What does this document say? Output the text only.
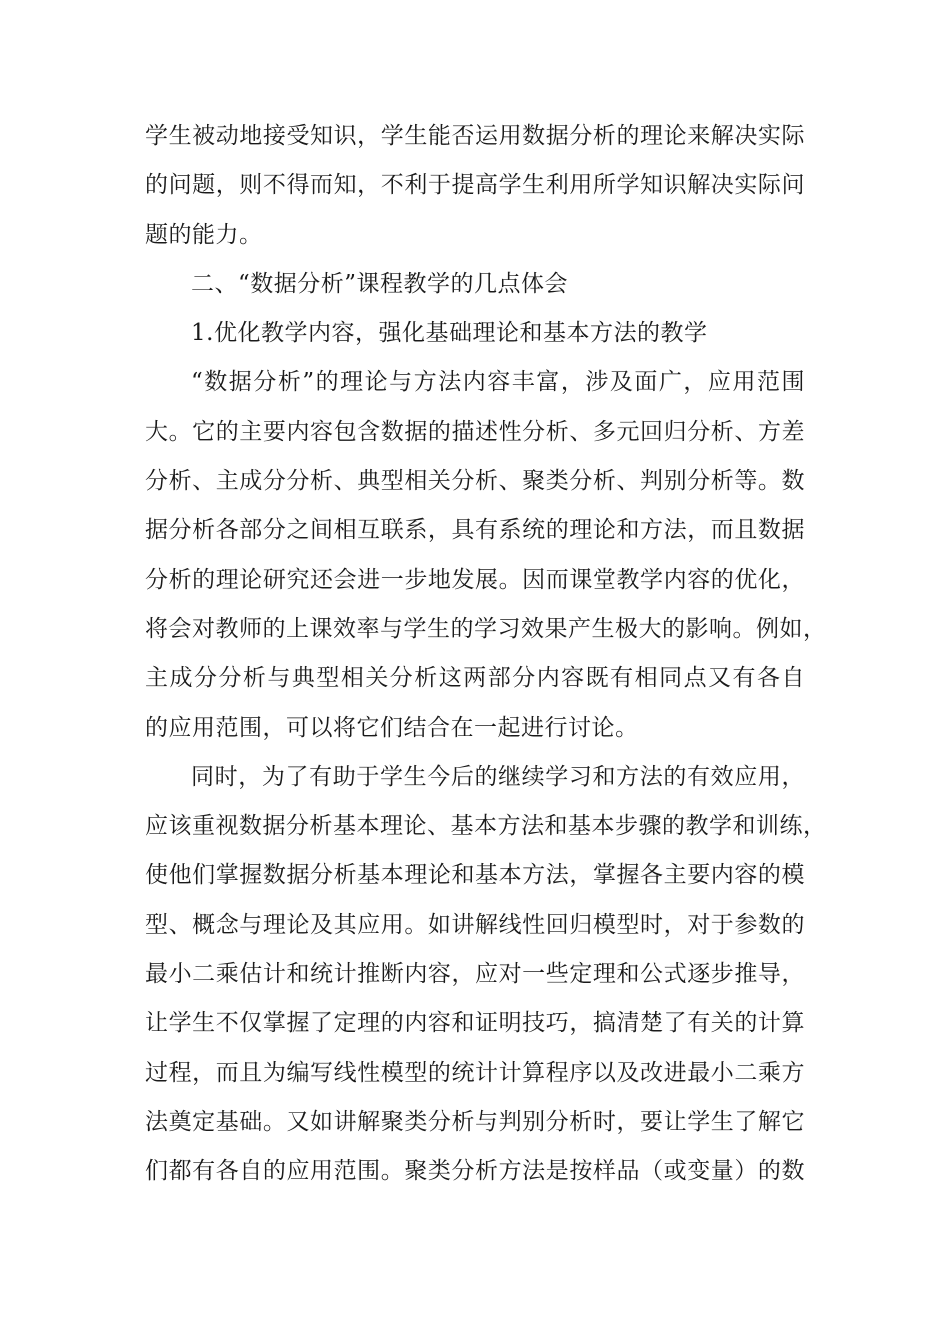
学生被动地接受知识，学生能否运用数据分析的理论来解决实际
的问题，则不得而知，不利于提高学生利用所学知识解决实际问
题的能力。
二、“数据分析”课程教学的几点体会
1.优化教学内容，强化基础理论和基本方法的教学
“数据分析”的理论与方法内容丰富，涉及面广，应用范围
大。它的主要内容包含数据的描述性分析、多元回归分析、方差
分析、主成分分析、典型相关分析、聚类分析、判别分析等。数
据分析各部分之间相互联系，具有系统的理论和方法，而且数据
分析的理论研究还会进一步地发展。因而课堂教学内容的优化，
将会对教师的上课效率与学生的学习效果产生极大的影响。例如，
主成分分析与典型相关分析这两部分内容既有相同点又有各自
的应用范围，可以将它们结合在一起进行讨论。
同时，为了有助于学生今后的继续学习和方法的有效应用，
应该重视数据分析基本理论、基本方法和基本步骤的教学和训练，
使他们掌握数据分析基本理论和基本方法，掌握各主要内容的模
型、概念与理论及其应用。如讲解线性回归模型时，对于参数的
最小二乘估计和统计推断内容，应对一些定理和公式逐步推导，
让学生不仅掌握了定理的内容和证明技巧，搞清楚了有关的计算
过程，而且为编写线性模型的统计计算程序以及改进最小二乘方
法奠定基础。又如讲解聚类分析与判别分析时，要让学生了解它
们都有各自的应用范围。聚类分析方法是按样品（或变量）的数
